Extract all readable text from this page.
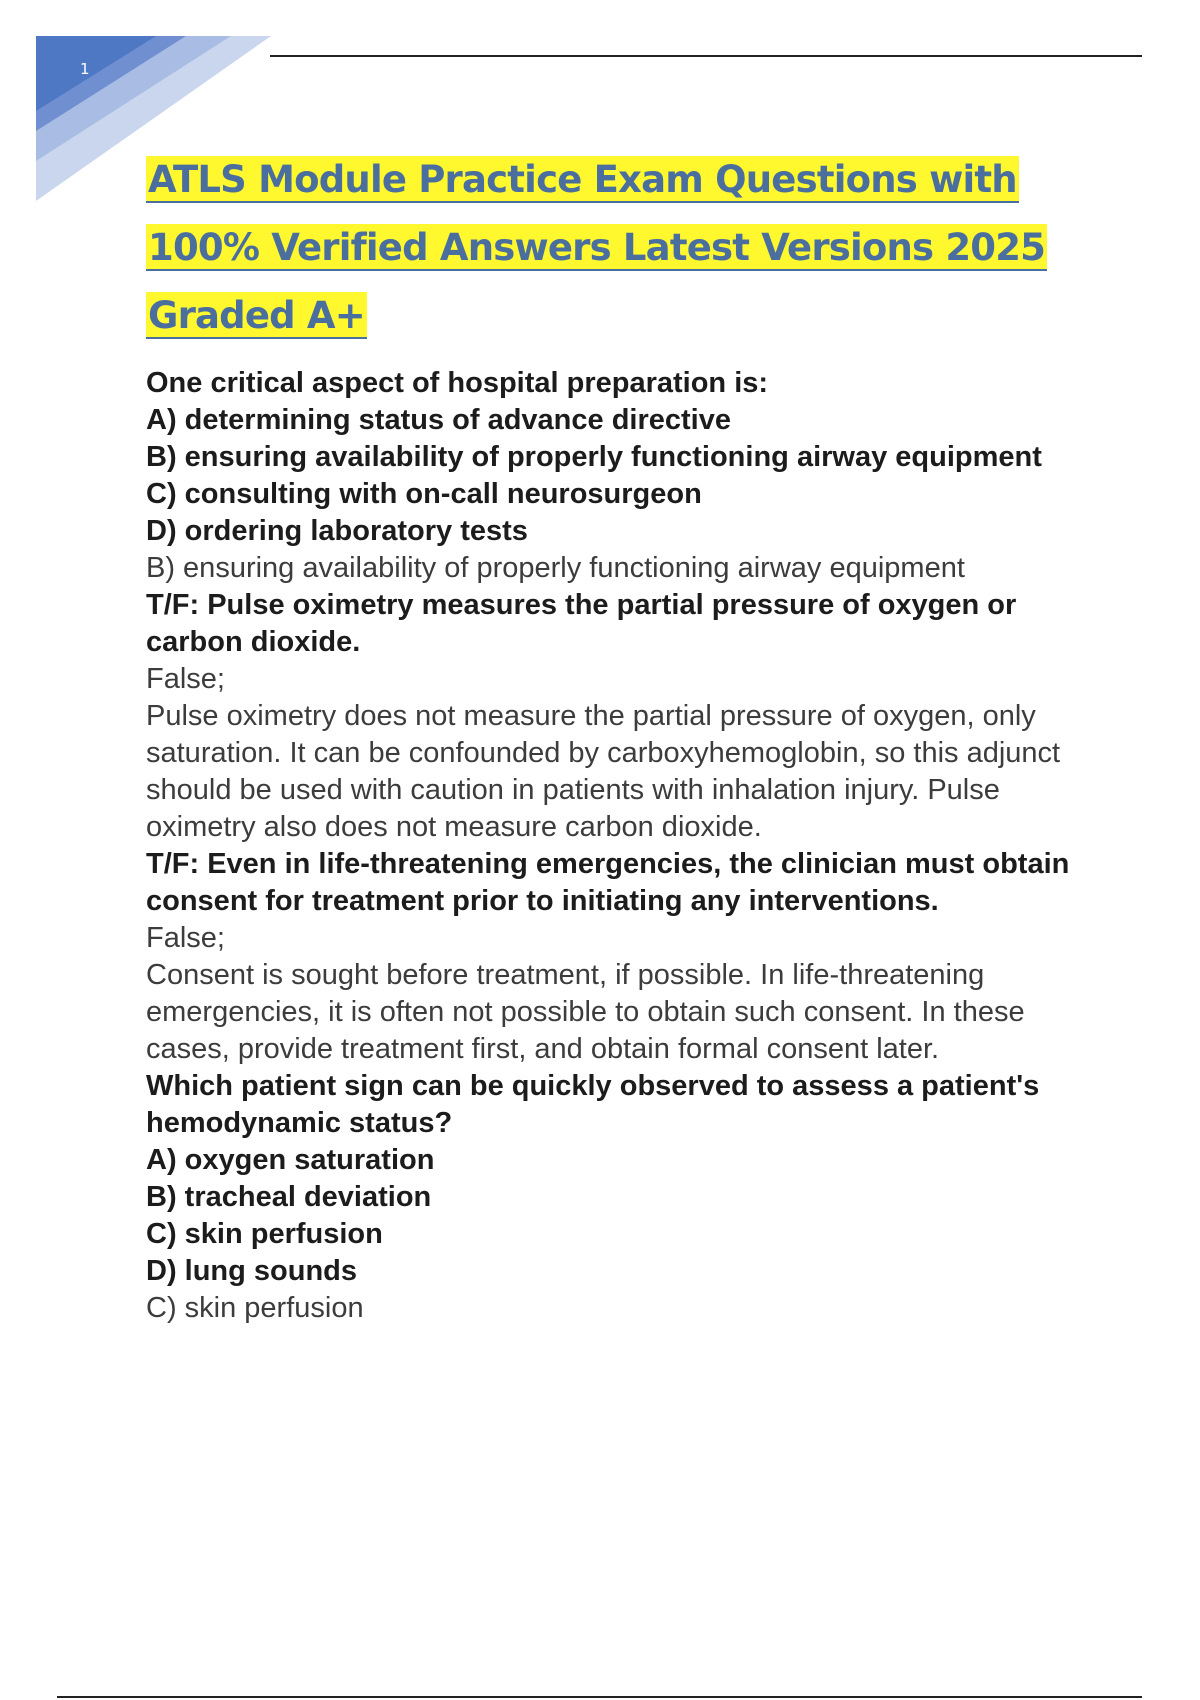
1
ATLS Module Practice Exam Questions with
100% Verified Answers Latest Versions 2025
Graded A+

One critical aspect of hospital preparation is:

A) determining status of advance directive

B) ensuring availability of properly functioning airway equipment

C) consulting with on-call neurosurgeon

D) ordering laboratory tests

B) ensuring availability of properly functioning airway equipment

T/F: Pulse oximetry measures the partial pressure of oxygen or carbon dioxide.

False;

Pulse oximetry does not measure the partial pressure of oxygen, only saturation. It can be confounded by carboxyhemoglobin, so this adjunct should be used with caution in patients with inhalation injury. Pulse oximetry also does not measure carbon dioxide.

T/F: Even in life-threatening emergencies, the clinician must obtain consent for treatment prior to initiating any interventions.

False;

Consent is sought before treatment, if possible. In life-threatening emergencies, it is often not possible to obtain such consent. In these cases, provide treatment first, and obtain formal consent later.

Which patient sign can be quickly observed to assess a patient's hemodynamic status?

A) oxygen saturation

B) tracheal deviation

C) skin perfusion

D) lung sounds

C) skin perfusion
